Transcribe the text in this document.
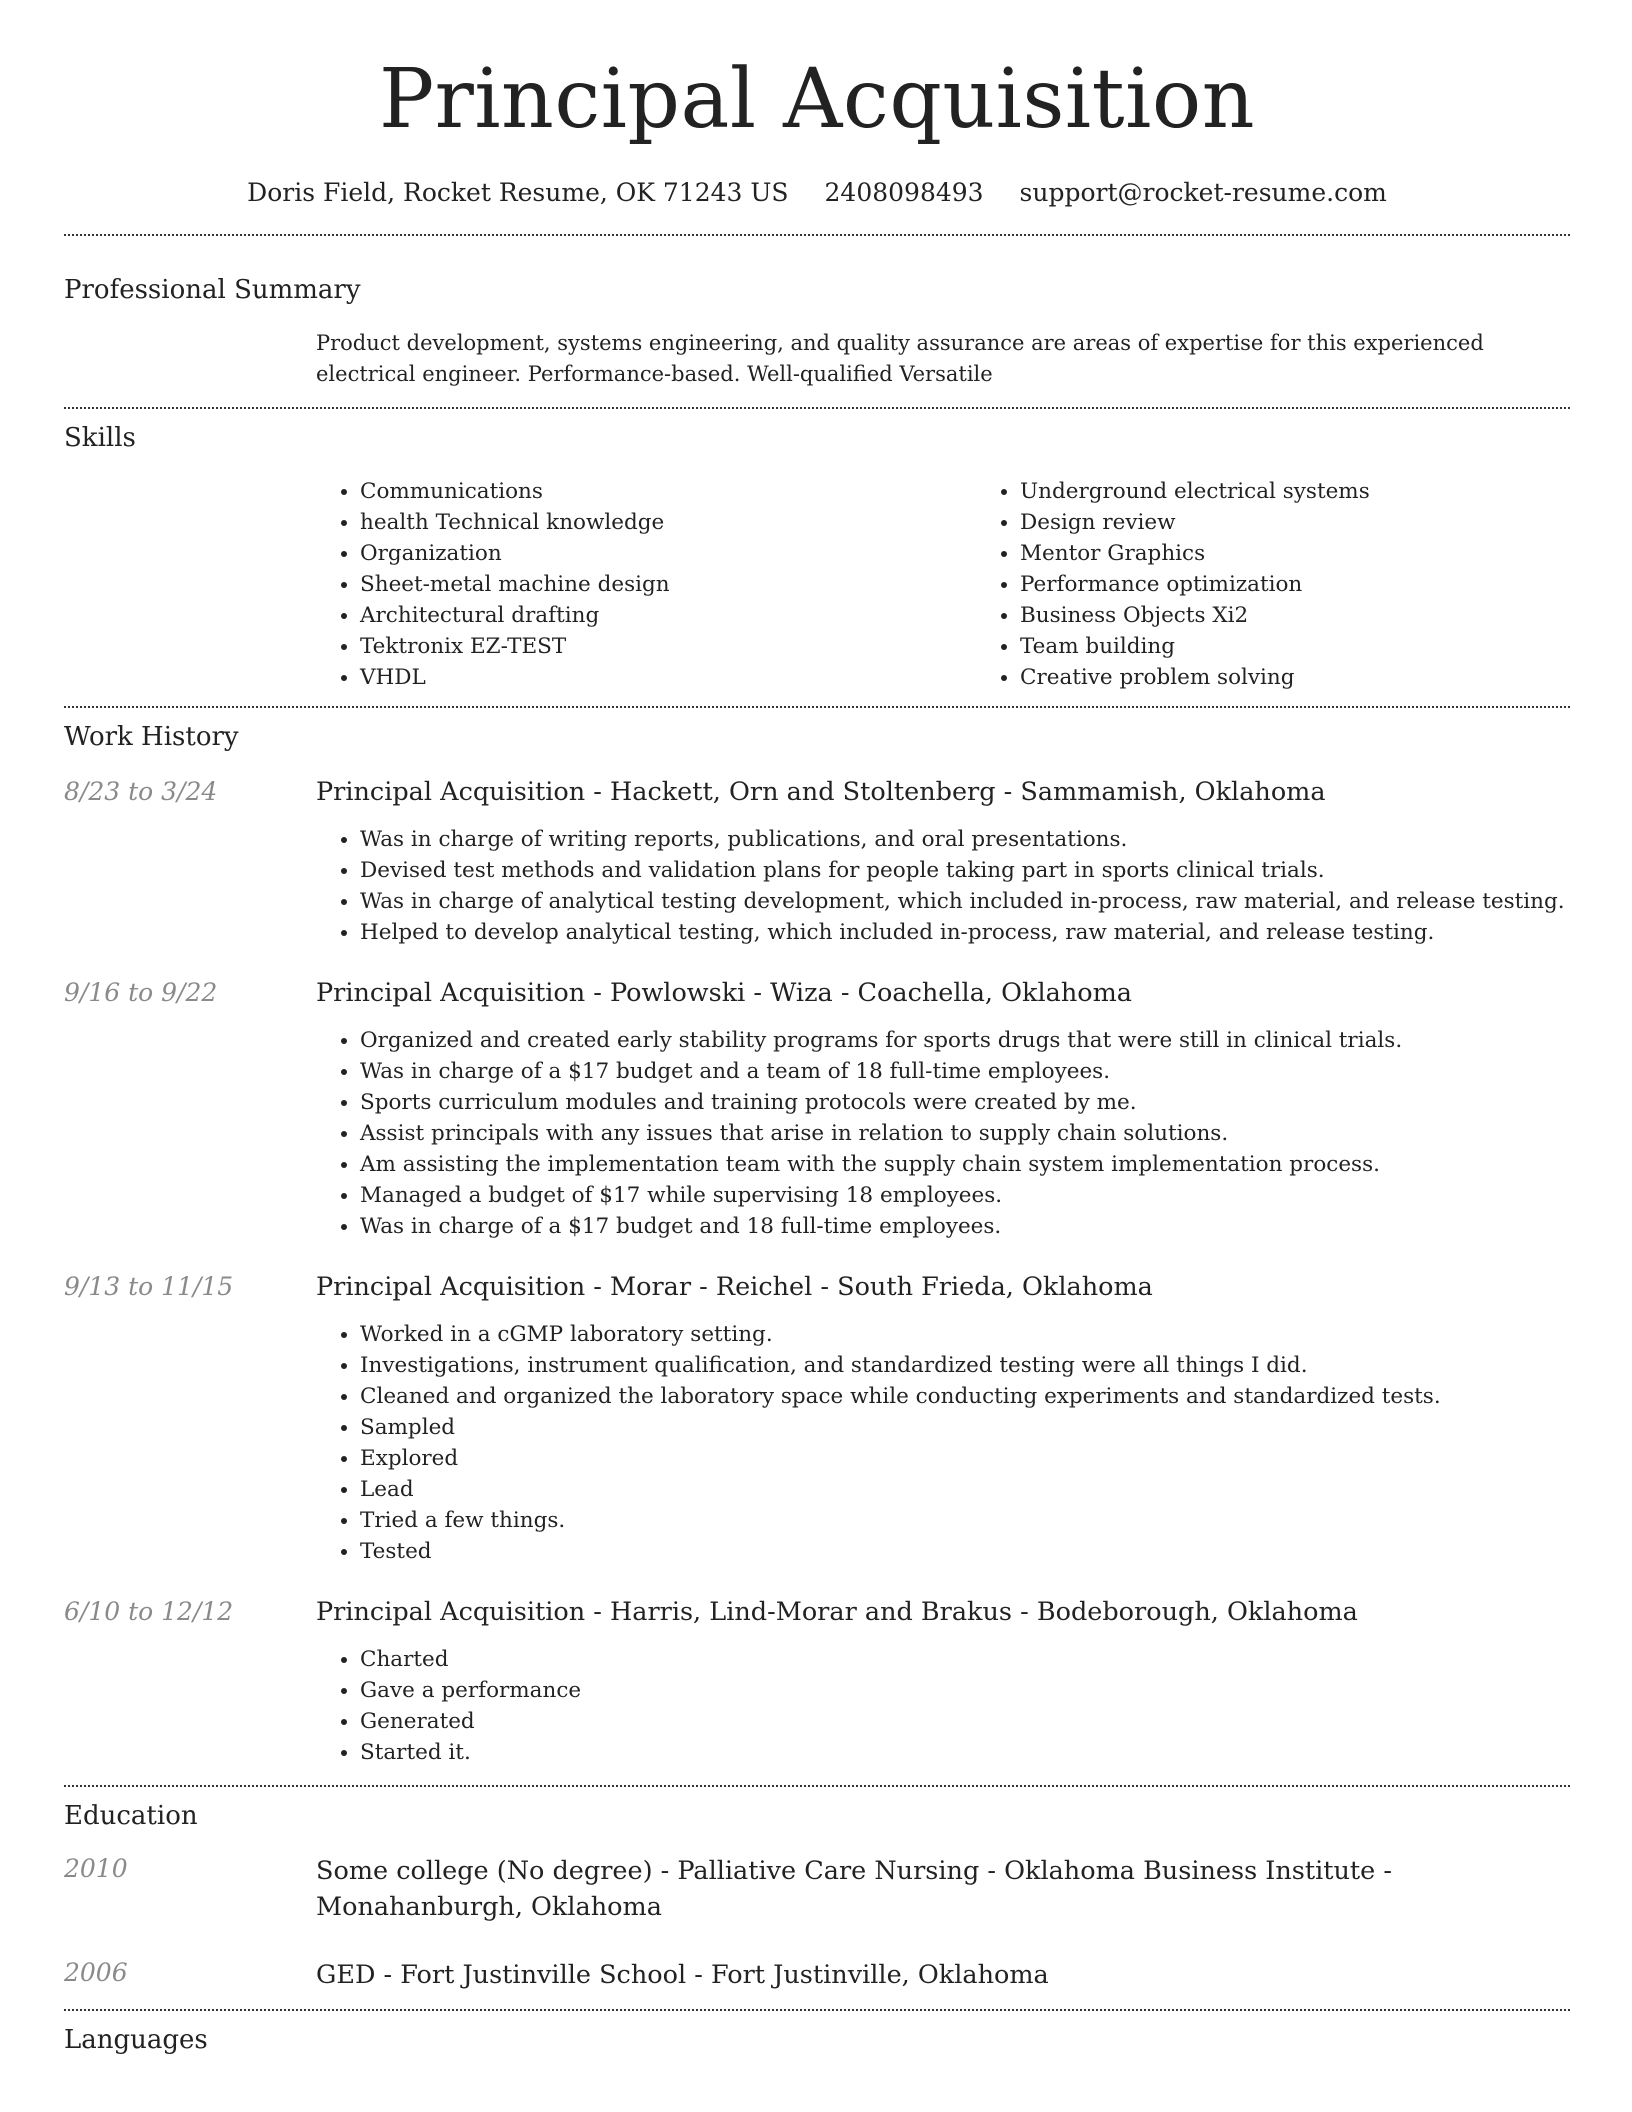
Principal Acquisition
Doris Field, Rocket Resume, OK 71243 US 2408098493 support@rocket-resume.com
Professional Summary
Product development, systems engineering, and quality assurance are areas of expertise for this experienced electrical engineer. Performance-based. Well-qualified Versatile
Skills
• Communications
• health Technical knowledge
• Organization
• Sheet-metal machine design
• Architectural drafting
• Tektronix EZ-TEST
• VHDL
• Underground electrical systems
• Design review
• Mentor Graphics
• Performance optimization
• Business Objects Xi2
• Team building
• Creative problem solving
Work History
8/23 to 3/24	Principal Acquisition - Hackett, Orn and Stoltenberg - Sammamish, Oklahoma
• Was in charge of writing reports, publications, and oral presentations.
• Devised test methods and validation plans for people taking part in sports clinical trials.
• Was in charge of analytical testing development, which included in-process, raw material, and release testing.
• Helped to develop analytical testing, which included in-process, raw material, and release testing.
9/16 to 9/22	Principal Acquisition - Powlowski - Wiza - Coachella, Oklahoma
• Organized and created early stability programs for sports drugs that were still in clinical trials.
• Was in charge of a $17 budget and a team of 18 full-time employees.
• Sports curriculum modules and training protocols were created by me.
• Assist principals with any issues that arise in relation to supply chain solutions.
• Am assisting the implementation team with the supply chain system implementation process.
• Managed a budget of $17 while supervising 18 employees.
• Was in charge of a $17 budget and 18 full-time employees.
9/13 to 11/15	Principal Acquisition - Morar - Reichel - South Frieda, Oklahoma
• Worked in a cGMP laboratory setting.
• Investigations, instrument qualification, and standardized testing were all things I did.
• Cleaned and organized the laboratory space while conducting experiments and standardized tests.
• Sampled
• Explored
• Lead
• Tried a few things.
• Tested
6/10 to 12/12	Principal Acquisition - Harris, Lind-Morar and Brakus - Bodeborough, Oklahoma
• Charted
• Gave a performance
• Generated
• Started it.
Education
2010	Some college (No degree) - Palliative Care Nursing - Oklahoma Business Institute - Monahanburgh, Oklahoma
2006	GED - Fort Justinville School - Fort Justinville, Oklahoma
Languages
